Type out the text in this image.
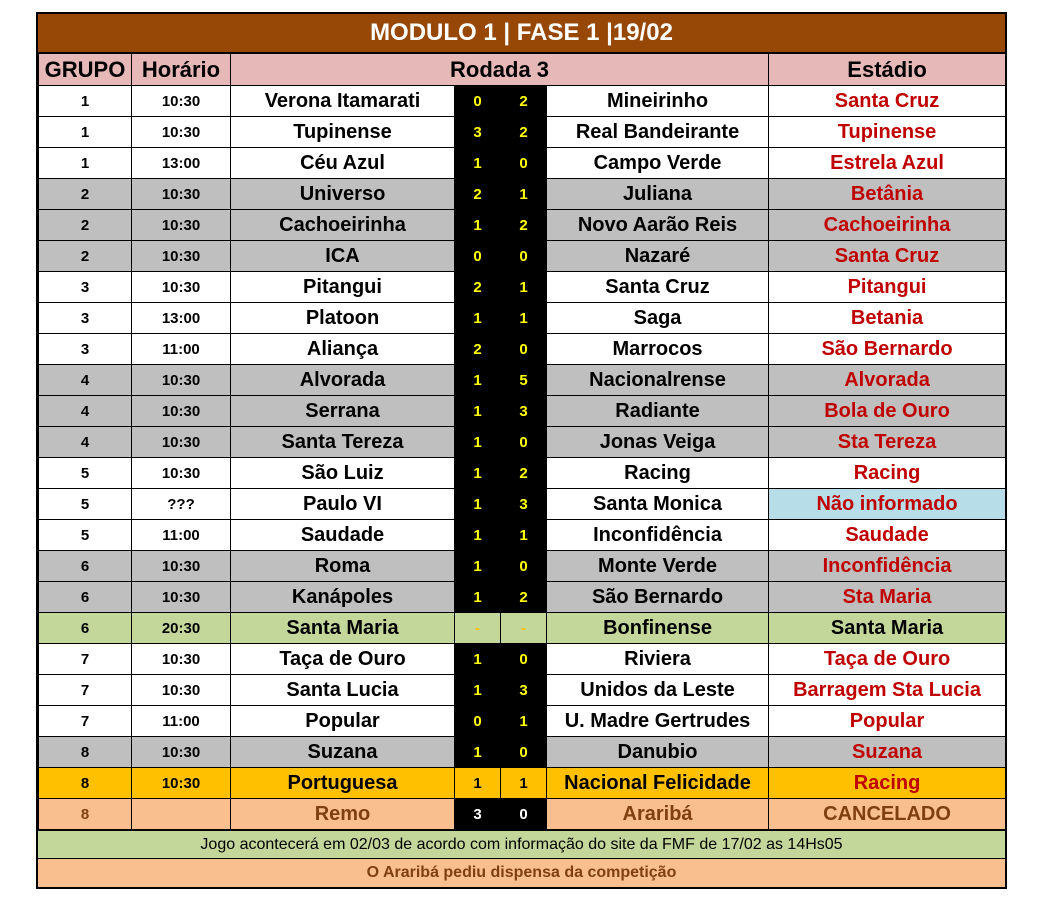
MODULO 1 | FASE 1 |19/02
GRUPO	Horário	Rodada 3				Estádio
1	10:30	Verona Itamarati	0	2	Mineirinho	Santa Cruz
1	10:30	Tupinense	3	2	Real Bandeirante	Tupinense
1	13:00	Céu Azul	1	0	Campo Verde	Estrela Azul
2	10:30	Universo	2	1	Juliana	Betânia
2	10:30	Cachoeirinha	1	2	Novo Aarão Reis	Cachoeirinha
2	10:30	ICA	0	0	Nazaré	Santa Cruz
3	10:30	Pitangui	2	1	Santa Cruz	Pitangui
3	13:00	Platoon	1	1	Saga	Betania
3	11:00	Aliança	2	0	Marrocos	São Bernardo
4	10:30	Alvorada	1	5	Nacionalrense	Alvorada
4	10:30	Serrana	1	3	Radiante	Bola de Ouro
4	10:30	Santa Tereza	1	0	Jonas Veiga	Sta Tereza
5	10:30	São Luiz	1	2	Racing	Racing
5	???	Paulo VI	1	3	Santa Monica	Não informado
5	11:00	Saudade	1	1	Inconfidência	Saudade
6	10:30	Roma	1	0	Monte Verde	Inconfidência
6	10:30	Kanápoles	1	2	São Bernardo	Sta Maria
6	20:30	Santa Maria	-	-	Bonfinense	Santa Maria
7	10:30	Taça de Ouro	1	0	Riviera	Taça de Ouro
7	10:30	Santa Lucia	1	3	Unidos da Leste	Barragem Sta Lucia
7	11:00	Popular	0	1	U. Madre Gertrudes	Popular
8	10:30	Suzana	1	0	Danubio	Suzana
8	10:30	Portuguesa	1	1	Nacional Felicidade	Racing
8		Remo	3	0	Araribá	CANCELADO
Jogo acontecerá em 02/03 de acordo com informação do site da FMF de 17/02 as 14Hs05
O Araribá pediu dispensa da competição
